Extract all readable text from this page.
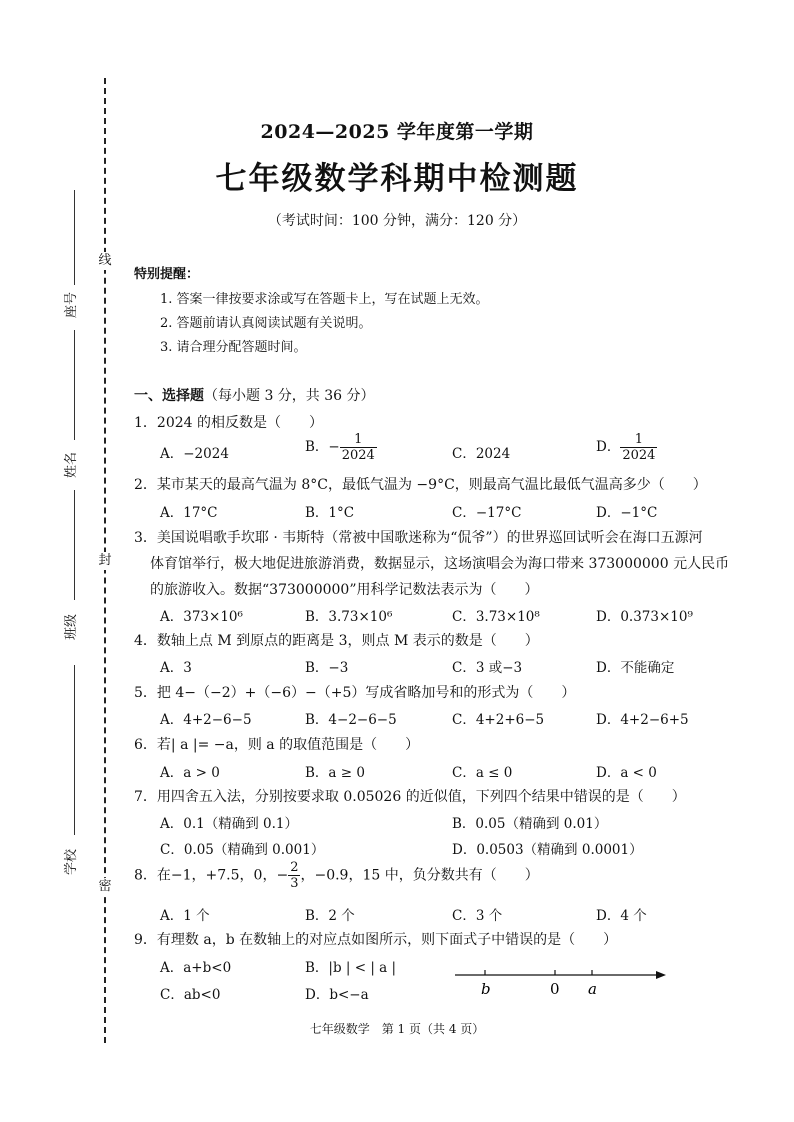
线
封
密
座号
姓名
班级
学校
2024—2025 学年度第一学期
七年级数学科期中检测题
（考试时间：100 分钟，满分：120 分）
特别提醒：
1. 答案一律按要求涂或写在答题卡上，写在试题上无效。
2. 答题前请认真阅读试题有关说明。
3. 请合理分配答题时间。
一、选择题（每小题 3 分，共 36 分）
1．2024 的相反数是（　　）
A．−2024	B．− $\frac{1}{2024}$	C．2024	D． $\frac{1}{2024}$
2．某市某天的最高气温为 8°C，最低气温为 −9°C，则最高气温比最低气温高多少（　　）
A．17°C	B．1°C	C．−17°C	D．−1°C
3．美国说唱歌手坎耶 · 韦斯特（常被中国歌迷称为“侃爷”）的世界巡回试听会在海口五源河
体育馆举行，极大地促进旅游消费，数据显示，这场演唱会为海口带来 373000000 元人民币
的旅游收入。数据“373000000”用科学记数法表示为（　　）
A．373×10⁶	B．3.73×10⁶	C．3.73×10⁸	D．0.373×10⁹
4．数轴上点 M 到原点的距离是 3，则点 M 表示的数是（　　）
A．3	B．−3	C．3 或−3	D．不能确定
5．把 4−（−2）+（−6）−（+5）写成省略加号和的形式为（　　）
A．4+2−6−5	B．4−2−6−5	C．4+2+6−5	D．4+2−6+5
6．若| a |= −a，则 a 的取值范围是（　　）
A．a > 0	B．a ≥ 0	C．a ≤ 0	D．a < 0
7．用四舍五入法，分别按要求取 0.05026 的近似值，下列四个结果中错误的是（　　）
A．0.1（精确到 0.1）	B．0.05（精确到 0.01）
C．0.05（精确到 0.001）	D．0.0503（精确到 0.0001）
8．在−1，+7.5，0，− $\frac{2}{3}$ ，−0.9，15 中，负分数共有（　　）
A．1 个	B．2 个	C．3 个	D．4 个
9．有理数 a，b 在数轴上的对应点如图所示，则下面式子中错误的是（　　）
A．a+b<0	B．|b | < | a |
C．ab<0	D．b<−a	b	0 a
七年级数学　第 1 页（共 4 页）
